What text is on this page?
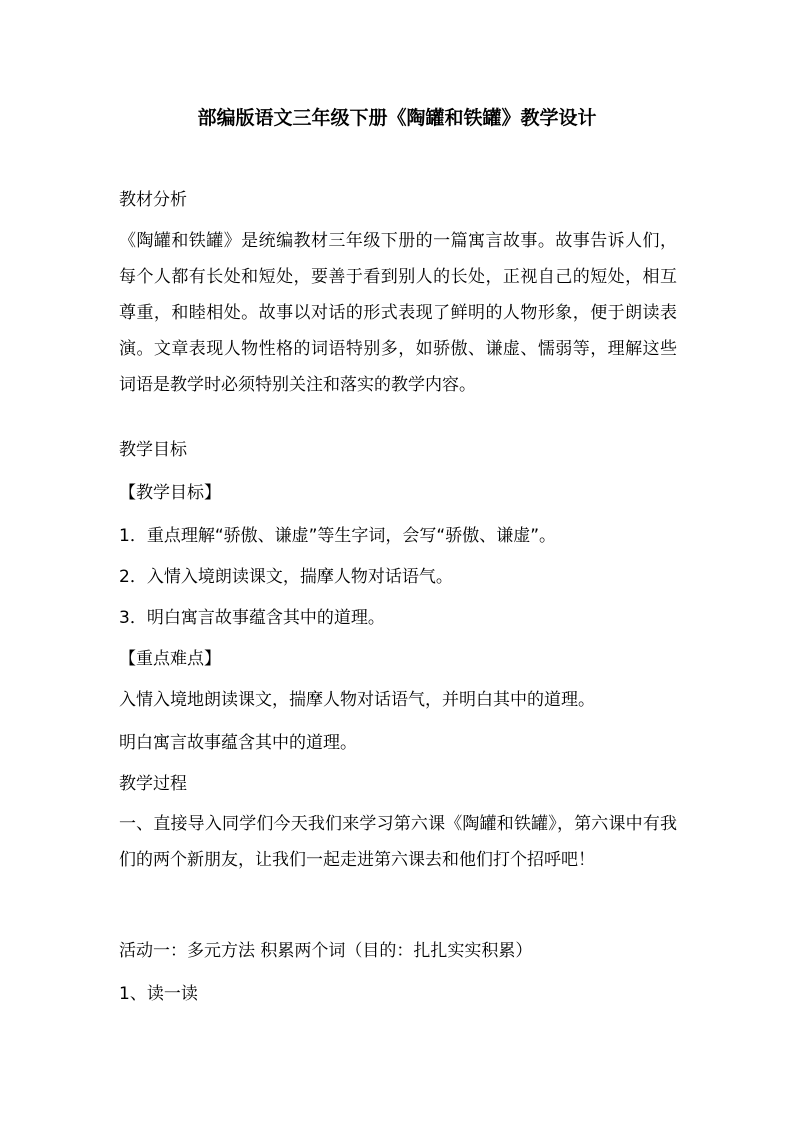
部编版语文三年级下册《陶罐和铁罐》教学设计
教材分析
《陶罐和铁罐》是统编教材三年级下册的一篇寓言故事。故事告诉人们，每个人都有长处和短处，要善于看到别人的长处，正视自己的短处，相互尊重，和睦相处。故事以对话的形式表现了鲜明的人物形象，便于朗读表演。文章表现人物性格的词语特别多，如骄傲、谦虚、懦弱等，理解这些词语是教学时必须特别关注和落实的教学内容。
教学目标
【教学目标】
1．重点理解“骄傲、谦虚”等生字词，会写“骄傲、谦虚”。
2．入情入境朗读课文，揣摩人物对话语气。
3．明白寓言故事蕴含其中的道理。
【重点难点】
入情入境地朗读课文，揣摩人物对话语气，并明白其中的道理。
明白寓言故事蕴含其中的道理。
教学过程
一、直接导入同学们今天我们来学习第六课《陶罐和铁罐》，第六课中有我们的两个新朋友，让我们一起走进第六课去和他们打个招呼吧！
活动一：多元方法 积累两个词（目的：扎扎实实积累）
1、读一读
